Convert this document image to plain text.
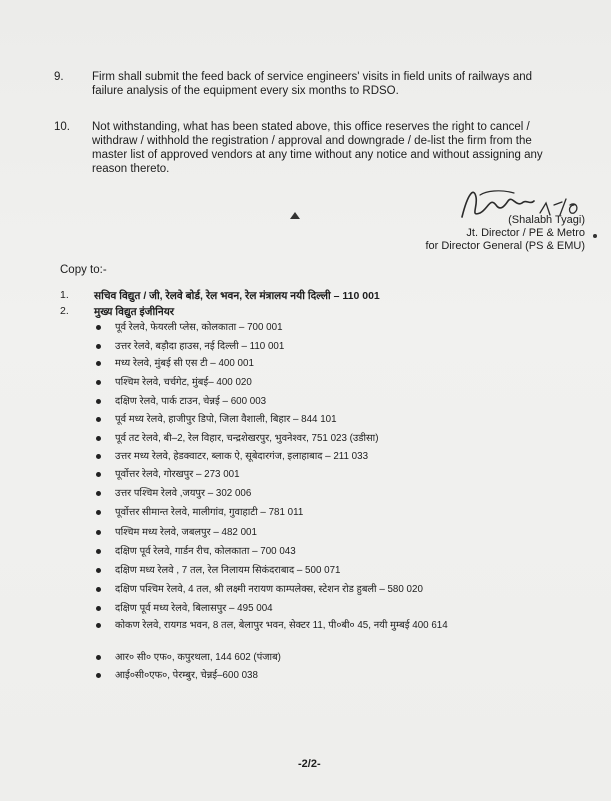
9. Firm shall submit the feed back of service engineers' visits in field units of railways and failure analysis of the equipment every six months to RDSO.
10. Not withstanding, what has been stated above, this office reserves the right to cancel / withdraw / withhold the registration / approval and downgrade / de-list the firm from the master list of approved vendors at any time without any notice and without assigning any reason thereto.
(Shalabh Tyagi)
Jt. Director / PE & Metro
for Director General (PS & EMU)
Copy to:-
1. सचिव विद्युत / जी, रेलवे बोर्ड, रेल भवन, रेल मंत्रालय नयी दिल्ली – 110 001
2. मुख्य विद्युत इंजीनियर
पूर्व रेलवे, फेयरली प्लेस, कोलकाता – 700 001
उत्तर रेलवे, बड़ौदा हाउस, नई दिल्ली – 110 001
मध्य रेलवे, मुंबई सी एस टी – 400 001
पश्चिम रेलवे, चर्चगेट, मुंबई– 400 020
दक्षिण रेलवे, पार्क टाउन, चेन्नई – 600 003
पूर्व मध्य रेलवे, हाजीपुर डिपो, जिला वैशाली, बिहार – 844 101
पूर्व तट रेलवे, बी–2, रेल विहार, चन्द्रशेखरपुर, भुवनेश्वर, 751 023 (उडीसा)
उत्तर मध्य रेलवे, हेडक्वाटर, ब्लाक ऐ, सूबेदारगंज, इलाहाबाद – 211 033
पूर्वोत्तर रेलवे, गोरखपुर – 273 001
उत्तर पश्चिम रेलवे ,जयपुर – 302 006
पूर्वोत्तर सीमान्त रेलवे, मालीगांव, गुवाहाटी – 781 011
पश्चिम मध्य रेलवे, जबलपुर – 482 001
दक्षिण पूर्व रेलवे, गार्डन रीच, कोलकाता – 700 043
दक्षिण मध्य रेलवे , 7 तल, रेल निलायम सिकंदराबाद – 500 071
दक्षिण पश्चिम रेलवे, 4 तल, श्री लक्ष्मी नरायण काम्पलेक्स, स्टेशन रोड हुबली – 580 020
दक्षिण पूर्व मध्य रेलवे, बिलासपुर – 495 004
कोकण रेलवे, रायगड भवन, 8 तल, बेलापुर भवन, सेक्टर 11, पी०बी० 45, नयी मुम्बई 400 614
आर० सी० एफ०, कपुरथला, 144 602 (पंजाब)
आई०सी०एफ०, पेरम्बुर, चेन्नई–600 038
-2/2-
